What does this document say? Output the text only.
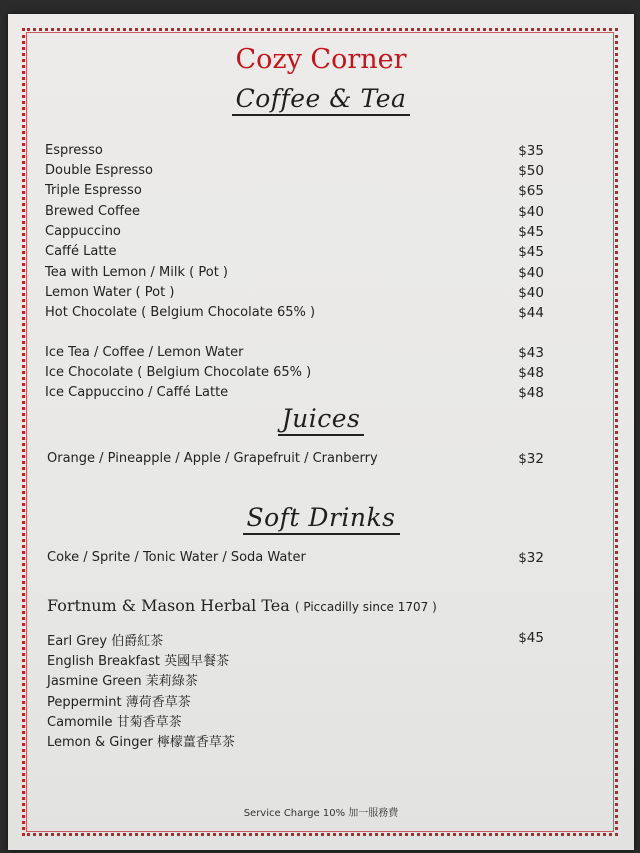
Cozy Corner
Coffee & Tea
Espresso	$35
Double Espresso	$50
Triple Espresso	$65
Brewed Coffee	$40
Cappuccino	$45
Caffé Latte	$45
Tea with Lemon / Milk ( Pot )	$40
Lemon Water ( Pot )	$40
Hot Chocolate ( Belgium Chocolate 65% )	$44
Ice Tea / Coffee / Lemon Water	$43
Ice Chocolate ( Belgium Chocolate 65% )	$48
Ice Cappuccino / Caffé Latte	$48
Juices
Orange / Pineapple / Apple / Grapefruit / Cranberry	$32
Soft Drinks
Coke / Sprite / Tonic Water / Soda Water	$32
Fortnum & Mason Herbal Tea ( Piccadilly since 1707 )
$45
Earl Grey 伯爵紅茶
English Breakfast 英國早餐茶
Jasmine Green 茉莉綠茶
Peppermint 薄荷香草茶
Camomile 甘菊香草茶
Lemon & Ginger 檸檬薑香草茶
Service Charge 10% 加一服務費
